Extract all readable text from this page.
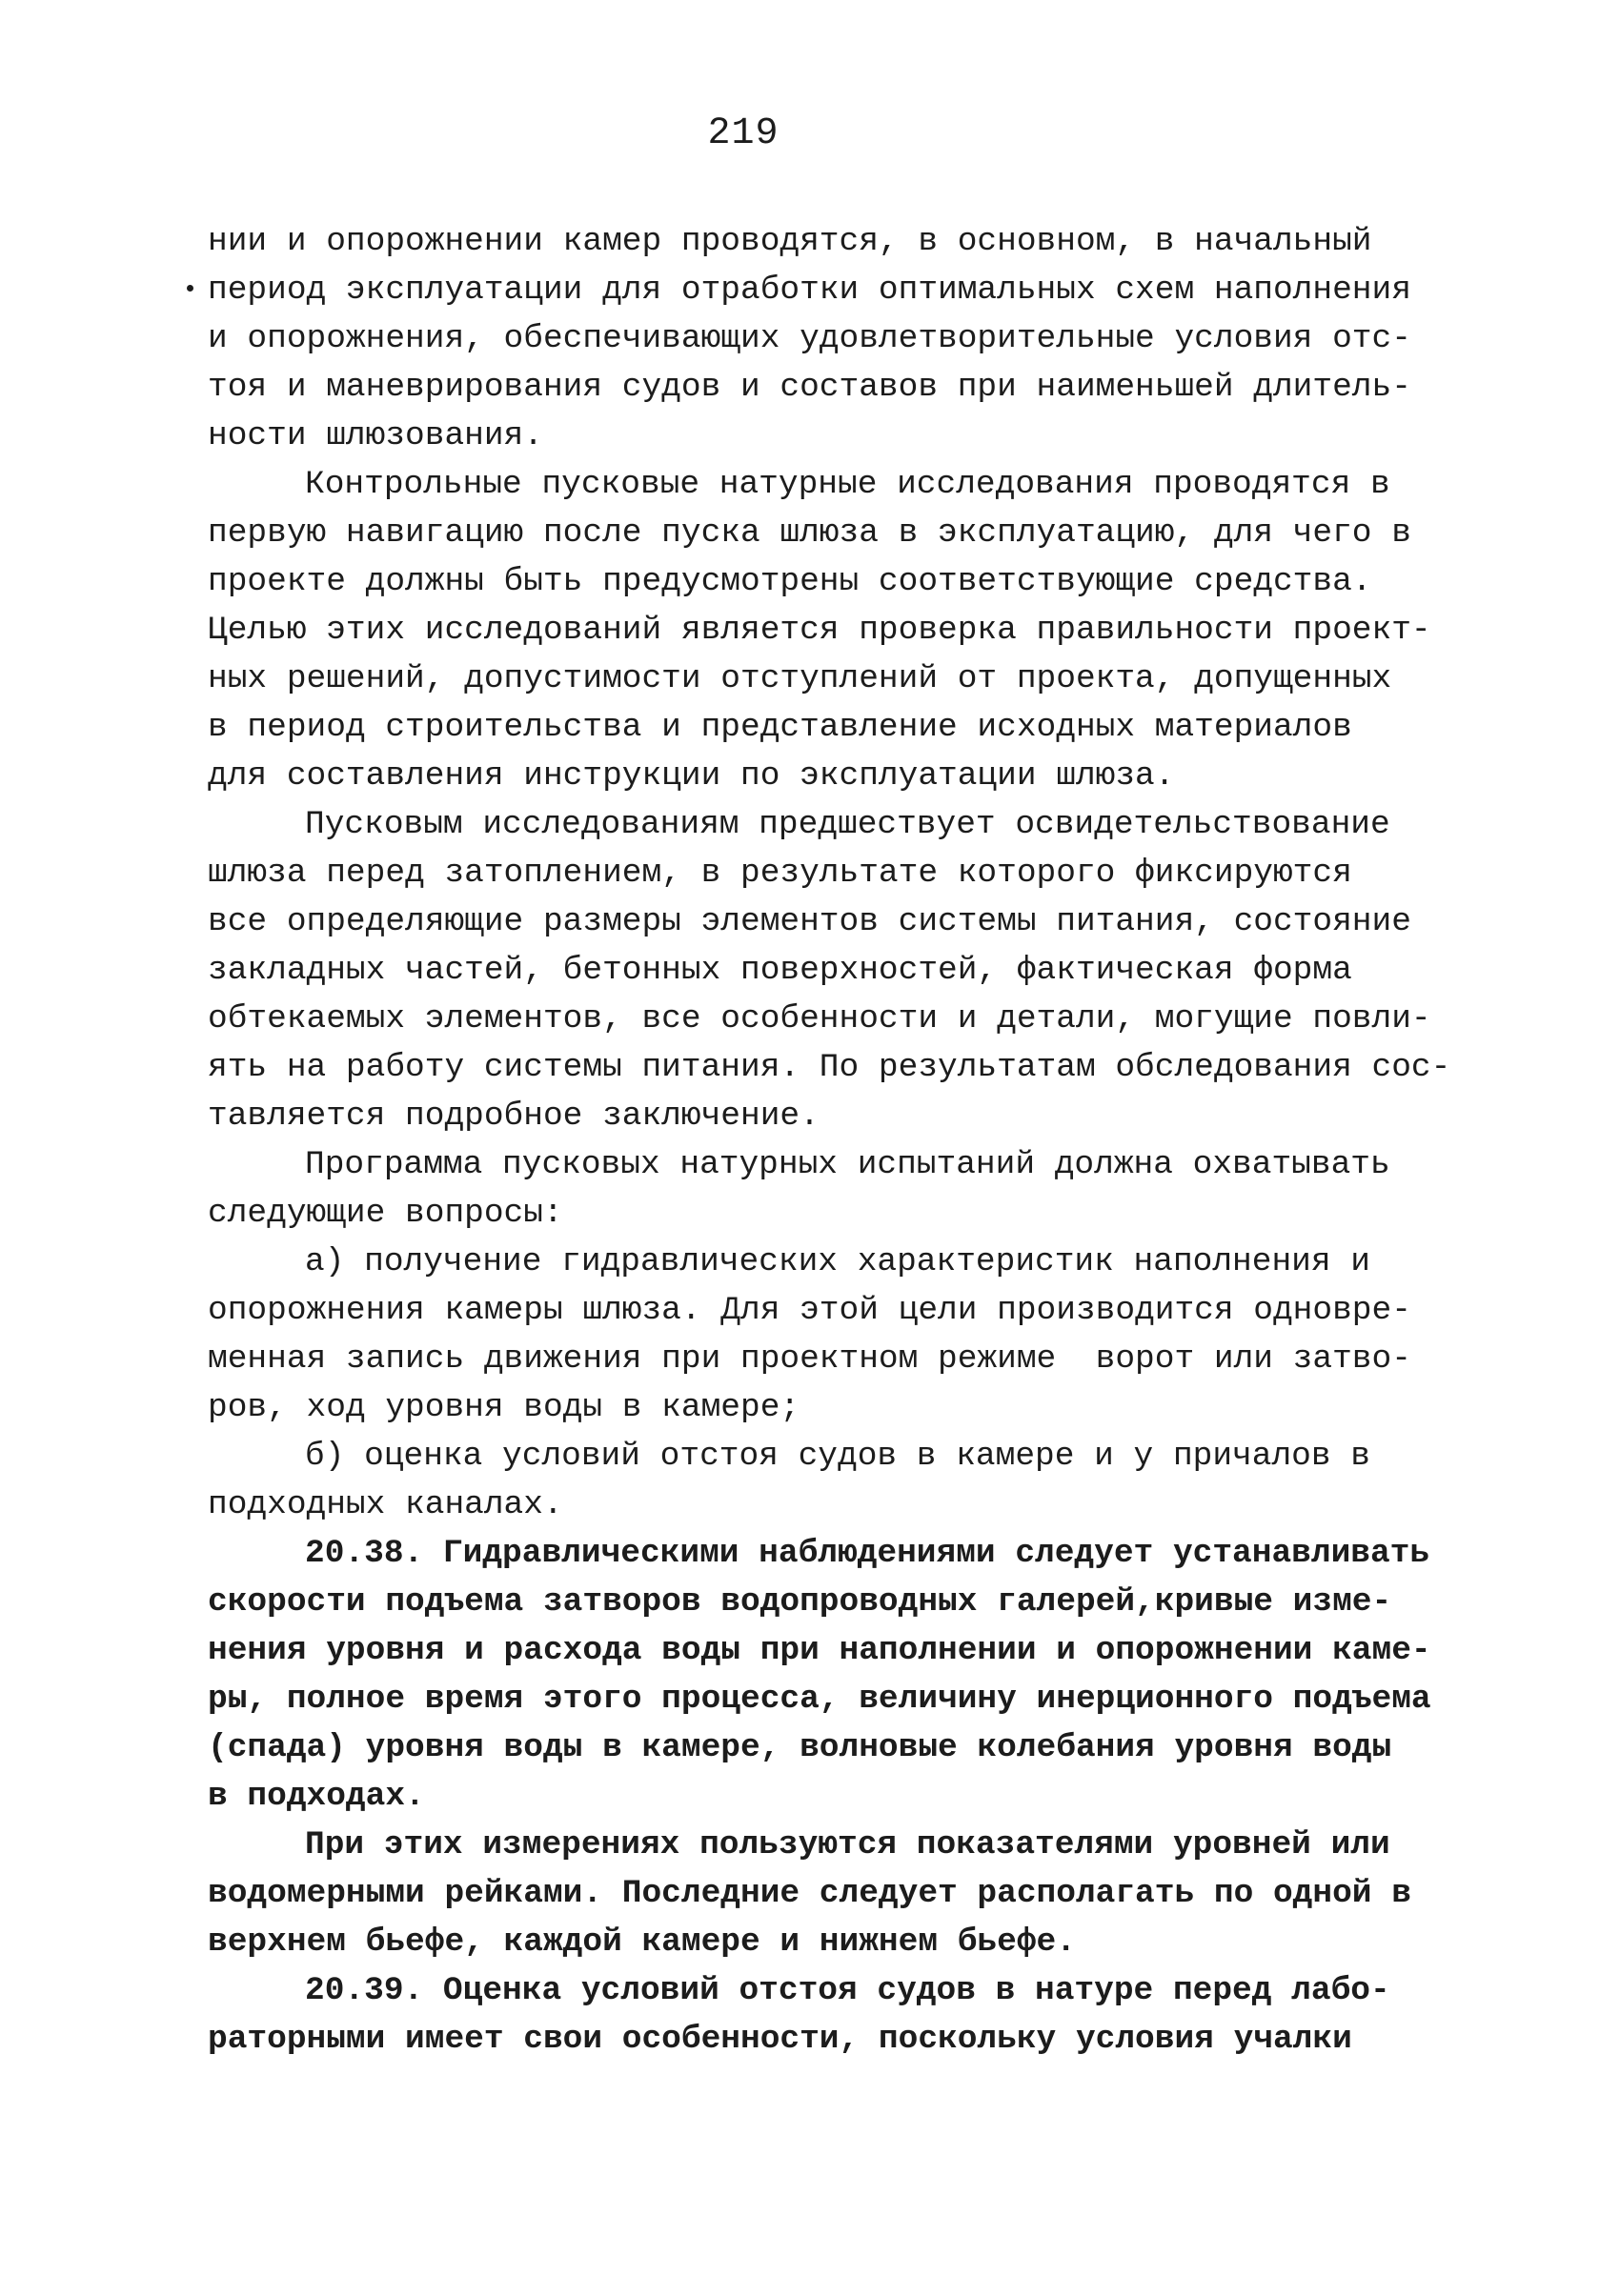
219
нии и опорожнении камер проводятся, в основном, в начальный
период эксплуатации для отработки оптимальных схем наполнения
и опорожнения, обеспечивающих удовлетворительные условия отс-
тоя и маневрирования судов и составов при наименьшей длитель-
ности шлюзования.
Контрольные пусковые натурные исследования проводятся в
первую навигацию после пуска шлюза в эксплуатацию, для чего в
проекте должны быть предусмотрены соответствующие средства.
Целью этих исследований является проверка правильности проект-
ных решений, допустимости отступлений от проекта, допущенных
в период строительства и представление исходных материалов
для составления инструкции по эксплуатации шлюза.
Пусковым исследованиям предшествует освидетельствование
шлюза перед затоплением, в результате которого фиксируются
все определяющие размеры элементов системы питания, состояние
закладных частей, бетонных поверхностей, фактическая форма
обтекаемых элементов, все особенности и детали, могущие повли-
ять на работу системы питания. По результатам обследования сос-
тавляется подробное заключение.
Программа пусковых натурных испытаний должна охватывать
следующие вопросы:
а) получение гидравлических характеристик наполнения и
опорожнения камеры шлюза. Для этой цели производится одновре-
менная запись движения при проектном режиме  ворот или затво-
ров, ход уровня воды в камере;
б) оценка условий отстоя судов в камере и у причалов в
подходных каналах.
20.38. Гидравлическими наблюдениями следует устанавливать
скорости подъема затворов водопроводных галерей,кривые изме-
нения уровня и расхода воды при наполнении и опорожнении каме-
ры, полное время этого процесса, величину инерционного подъема
(спада) уровня воды в камере, волновые колебания уровня воды
в подходах.
При этих измерениях пользуются показателями уровней или
водомерными рейками. Последние следует располагать по одной в
верхнем бьефе, каждой камере и нижнем бьефе.
20.39. Оценка условий отстоя судов в натуре перед лабо-
раторными имеет свои особенности, поскольку условия учалки
